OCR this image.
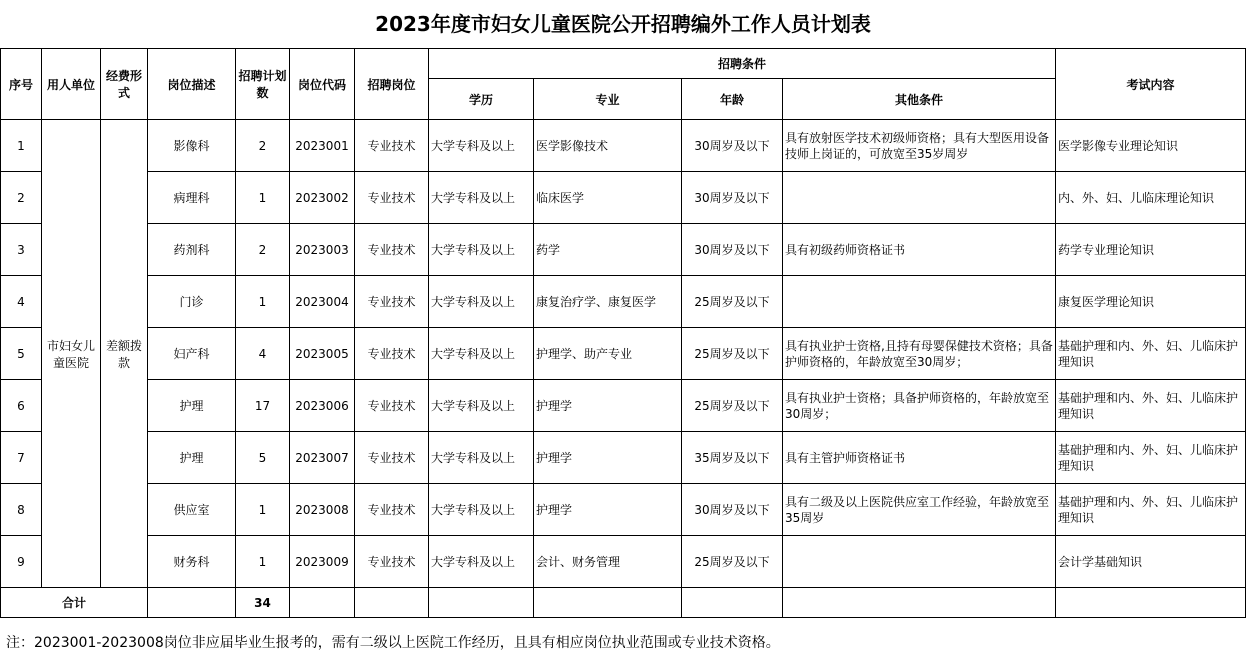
2023年度市妇女儿童医院公开招聘编外工作人员计划表
序号	用人单位	经费形式	岗位描述	招聘计划数	岗位代码	招聘岗位	招聘条件				考试内容
							学历	专业	年龄	其他条件	
1	市妇女儿童医院	差额拨款	影像科	2	2023001	专业技术	大学专科及以上	医学影像技术	30周岁及以下	具有放射医学技术初级师资格；具有大型医用设备技师上岗证的，可放宽至35岁周岁	医学影像专业理论知识
2			病理科	1	2023002	专业技术	大学专科及以上	临床医学	30周岁及以下		内、外、妇、儿临床理论知识
3			药剂科	2	2023003	专业技术	大学专科及以上	药学	30周岁及以下	具有初级药师资格证书	药学专业理论知识
4			门诊	1	2023004	专业技术	大学专科及以上	康复治疗学、康复医学	25周岁及以下		康复医学理论知识
5			妇产科	4	2023005	专业技术	大学专科及以上	护理学、助产专业	25周岁及以下	具有执业护士资格,且持有母婴保健技术资格；具备护师资格的，年龄放宽至30周岁；	基础护理和内、外、妇、儿临床护理知识
6			护理	17	2023006	专业技术	大学专科及以上	护理学	25周岁及以下	具有执业护士资格；具备护师资格的，年龄放宽至30周岁；	基础护理和内、外、妇、儿临床护理知识
7			护理	5	2023007	专业技术	大学专科及以上	护理学	35周岁及以下	具有主管护师资格证书	基础护理和内、外、妇、儿临床护理知识
8			供应室	1	2023008	专业技术	大学专科及以上	护理学	30周岁及以下	具有二级及以上医院供应室工作经验，年龄放宽至35周岁	基础护理和内、外、妇、儿临床护理知识
9			财务科	1	2023009	专业技术	大学专科及以上	会计、财务管理	25周岁及以下		会计学基础知识
合计				34							
注：2023001-2023008岗位非应届毕业生报考的，需有二级以上医院工作经历，且具有相应岗位执业范围或专业技术资格。
